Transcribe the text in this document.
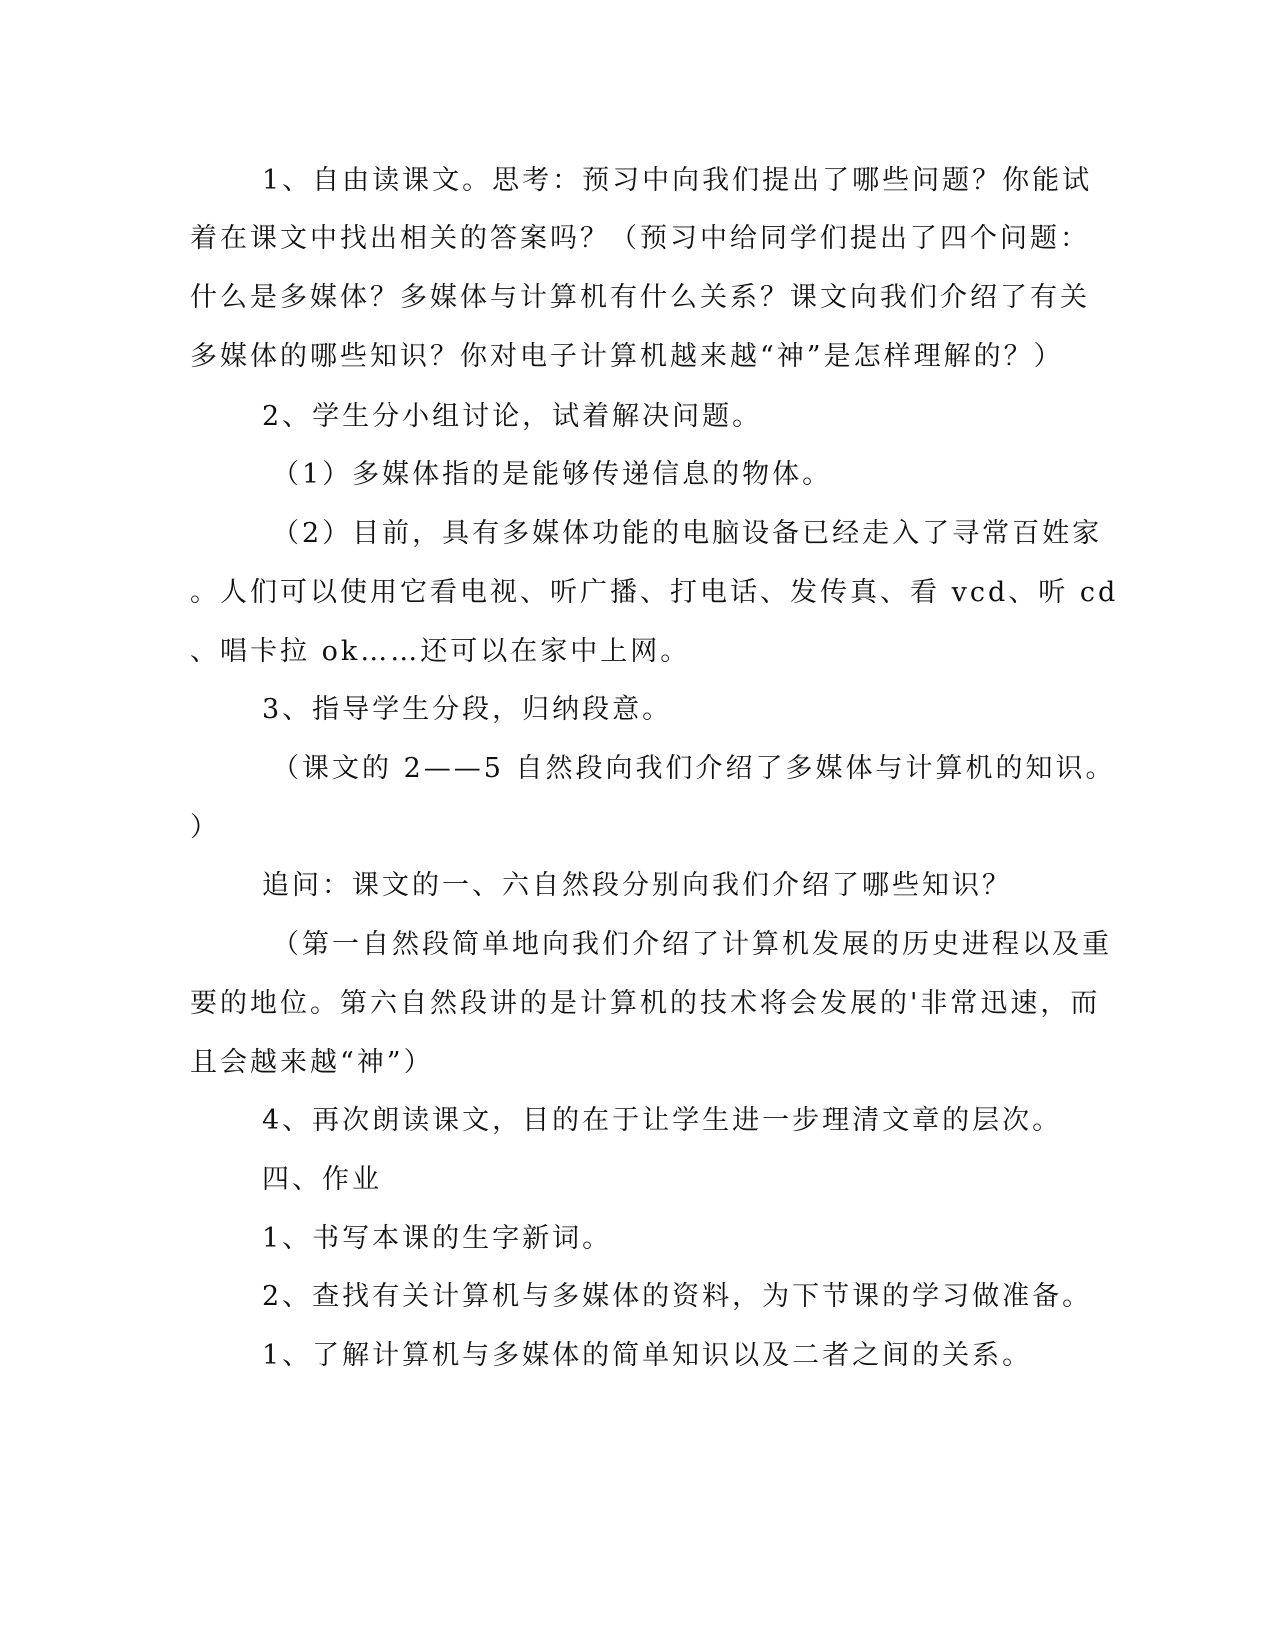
1、自由读课文。思考：预习中向我们提出了哪些问题？你能试
着在课文中找出相关的答案吗？（预习中给同学们提出了四个问题：
什么是多媒体？多媒体与计算机有什么关系？课文向我们介绍了有关
多媒体的哪些知识？你对电子计算机越来越“神”是怎样理解的？）
2、学生分小组讨论，试着解决问题。
（1）多媒体指的是能够传递信息的物体。
（2）目前，具有多媒体功能的电脑设备已经走入了寻常百姓家
。人们可以使用它看电视、听广播、打电话、发传真、看 vcd、听 cd
、唱卡拉 ok……还可以在家中上网。
3、指导学生分段，归纳段意。
（课文的 2——5 自然段向我们介绍了多媒体与计算机的知识。
）
追问：课文的一、六自然段分别向我们介绍了哪些知识？
（第一自然段简单地向我们介绍了计算机发展的历史进程以及重
要的地位。第六自然段讲的是计算机的技术将会发展的'非常迅速，而
且会越来越“神”）
4、再次朗读课文，目的在于让学生进一步理清文章的层次。
四、作业
1、书写本课的生字新词。
2、查找有关计算机与多媒体的资料，为下节课的学习做准备。
1、了解计算机与多媒体的简单知识以及二者之间的关系。
